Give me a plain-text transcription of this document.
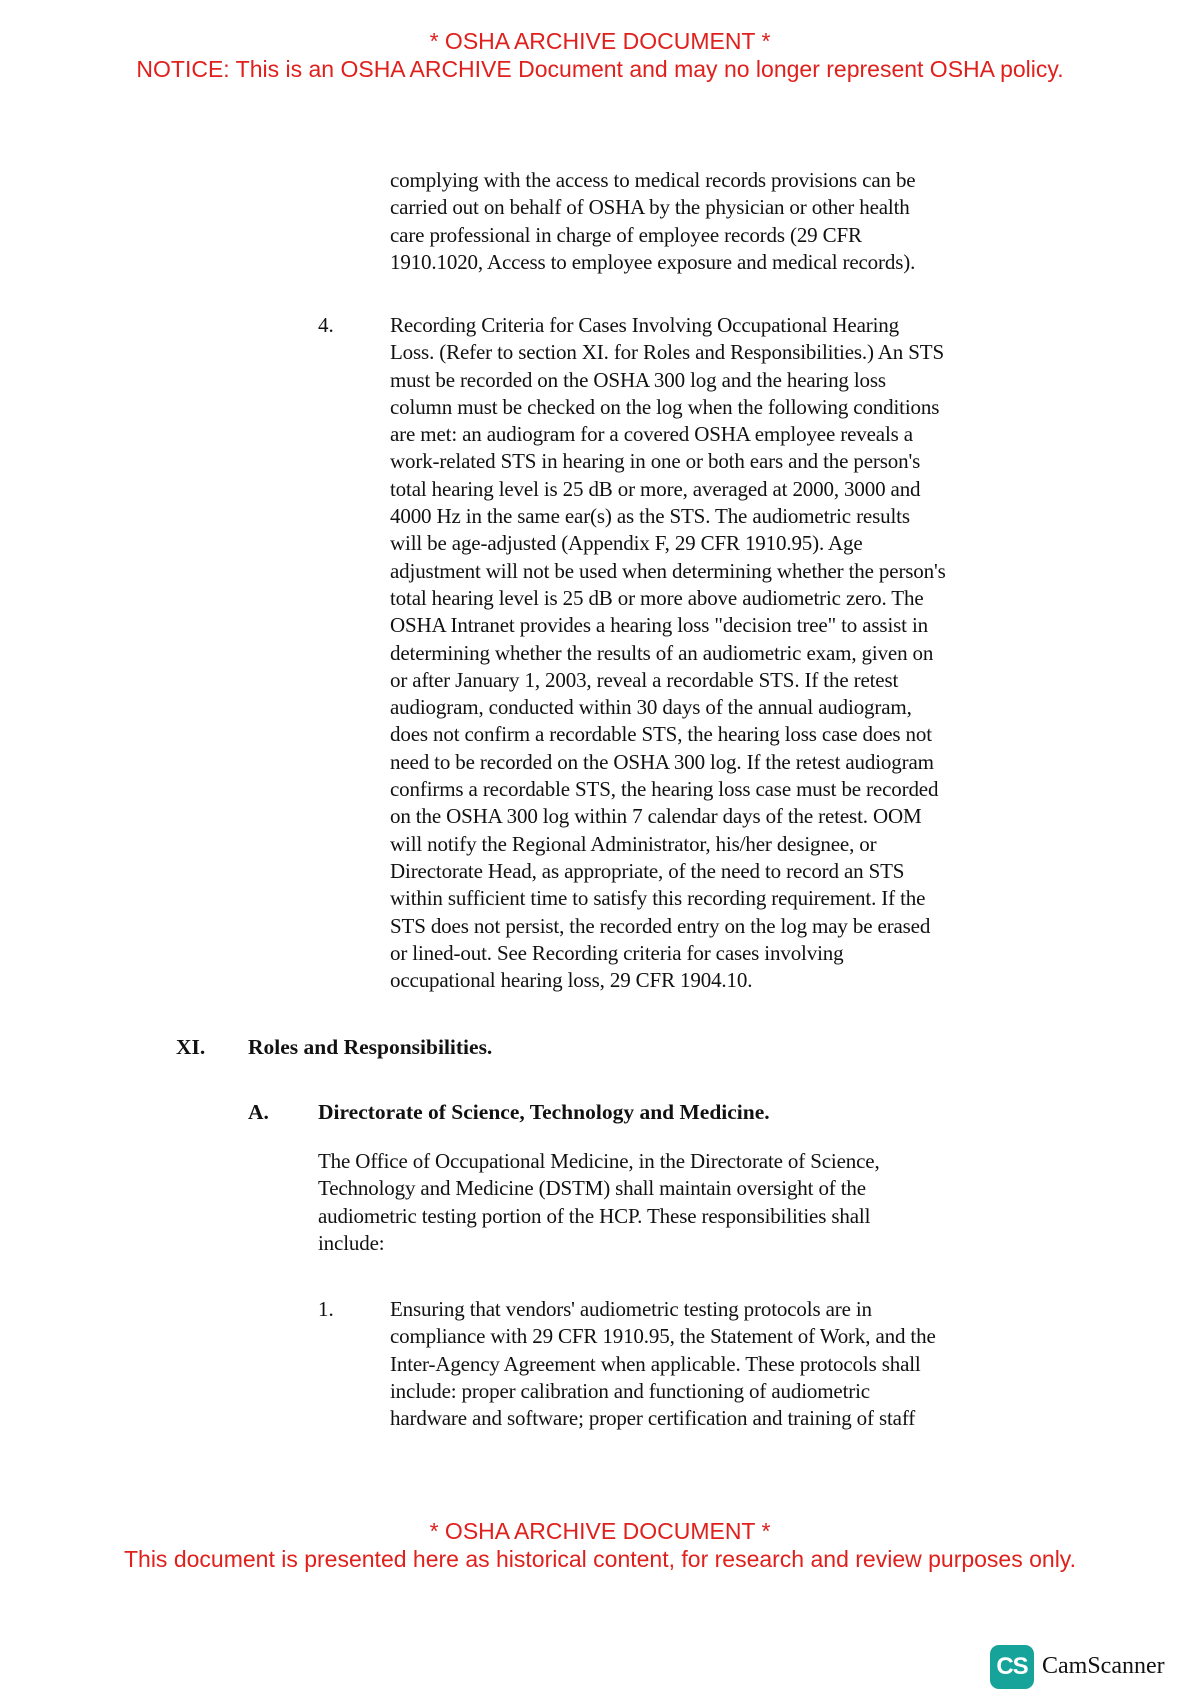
* OSHA ARCHIVE DOCUMENT *
NOTICE: This is an OSHA ARCHIVE Document and may no longer represent OSHA policy.
complying with the access to medical records provisions can be
carried out on behalf of OSHA by the physician or other health
care professional in charge of employee records (29 CFR
1910.1020, Access to employee exposure and medical records).
4.	Recording Criteria for Cases Involving Occupational Hearing
Loss. (Refer to section XI. for Roles and Responsibilities.) An STS
must be recorded on the OSHA 300 log and the hearing loss
column must be checked on the log when the following conditions
are met: an audiogram for a covered OSHA employee reveals a
work-related STS in hearing in one or both ears and the person's
total hearing level is 25 dB or more, averaged at 2000, 3000 and
4000 Hz in the same ear(s) as the STS. The audiometric results
will be age-adjusted (Appendix F, 29 CFR 1910.95). Age
adjustment will not be used when determining whether the person's
total hearing level is 25 dB or more above audiometric zero. The
OSHA Intranet provides a hearing loss "decision tree" to assist in
determining whether the results of an audiometric exam, given on
or after January 1, 2003, reveal a recordable STS. If the retest
audiogram, conducted within 30 days of the annual audiogram,
does not confirm a recordable STS, the hearing loss case does not
need to be recorded on the OSHA 300 log. If the retest audiogram
confirms a recordable STS, the hearing loss case must be recorded
on the OSHA 300 log within 7 calendar days of the retest. OOM
will notify the Regional Administrator, his/her designee, or
Directorate Head, as appropriate, of the need to record an STS
within sufficient time to satisfy this recording requirement. If the
STS does not persist, the recorded entry on the log may be erased
or lined-out. See Recording criteria for cases involving
occupational hearing loss, 29 CFR 1904.10.
XI. Roles and Responsibilities.
A. Directorate of Science, Technology and Medicine.
The Office of Occupational Medicine, in the Directorate of Science,
Technology and Medicine (DSTM) shall maintain oversight of the
audiometric testing portion of the HCP. These responsibilities shall
include:
1.	Ensuring that vendors' audiometric testing protocols are in
compliance with 29 CFR 1910.95, the Statement of Work, and the
Inter-Agency Agreement when applicable. These protocols shall
include: proper calibration and functioning of audiometric
hardware and software; proper certification and training of staff
* OSHA ARCHIVE DOCUMENT *
This document is presented here as historical content, for research and review purposes only.
CS CamScanner
